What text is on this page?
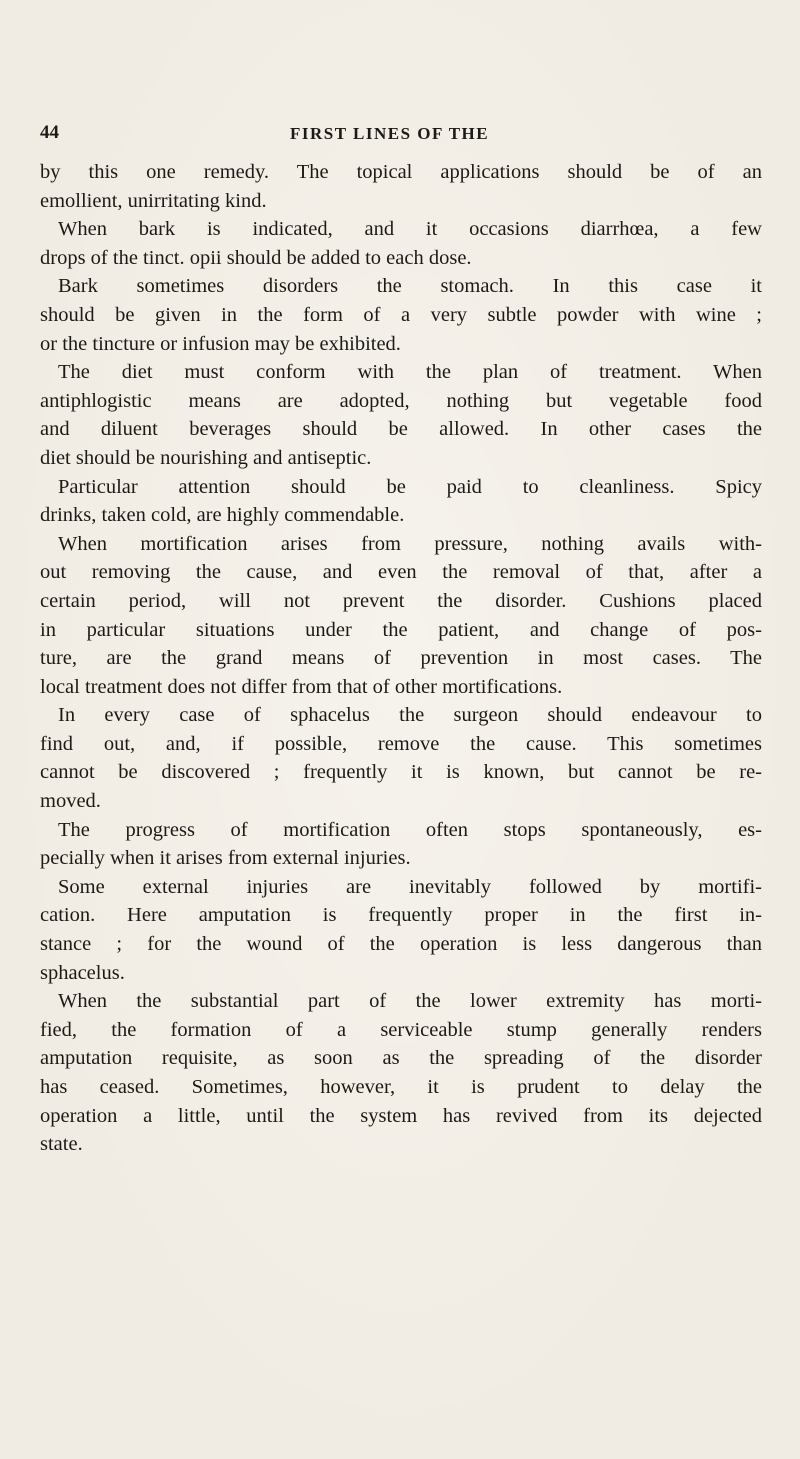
44	FIRST LINES OF THE
by this one remedy. The topical applications should be of an
emollient, unirritating kind.
When bark is indicated, and it occasions diarrhœa, a few
drops of the tinct. opii should be added to each dose.
Bark sometimes disorders the stomach. In this case it
should be given in the form of a very subtle powder with wine ;
or the tincture or infusion may be exhibited.
The diet must conform with the plan of treatment. When
antiphlogistic means are adopted, nothing but vegetable food
and diluent beverages should be allowed. In other cases the
diet should be nourishing and antiseptic.
Particular attention should be paid to cleanliness. Spicy
drinks, taken cold, are highly commendable.
When mortification arises from pressure, nothing avails with-
out removing the cause, and even the removal of that, after a
certain period, will not prevent the disorder. Cushions placed
in particular situations under the patient, and change of pos-
ture, are the grand means of prevention in most cases. The
local treatment does not differ from that of other mortifications.
In every case of sphacelus the surgeon should endeavour to
find out, and, if possible, remove the cause. This sometimes
cannot be discovered ; frequently it is known, but cannot be re-
moved.
The progress of mortification often stops spontaneously, es-
pecially when it arises from external injuries.
Some external injuries are inevitably followed by mortifi-
cation. Here amputation is frequently proper in the first in-
stance ; for the wound of the operation is less dangerous than
sphacelus.
When the substantial part of the lower extremity has morti-
fied, the formation of a serviceable stump generally renders
amputation requisite, as soon as the spreading of the disorder
has ceased. Sometimes, however, it is prudent to delay the
operation a little, until the system has revived from its dejected
state.
